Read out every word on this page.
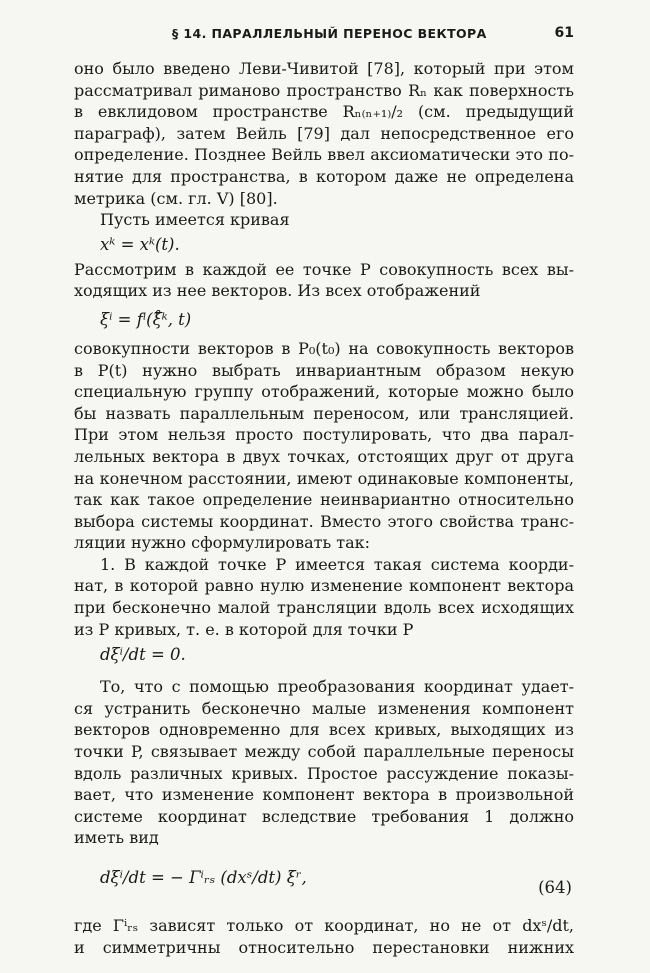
§ 14. ПАРАЛЛЕЛЬНЫЙ ПЕРЕНОС ВЕКТОРА	61
оно было введено Леви-Чивитой [78], который при этом
рассматривал риманово пространство Rₙ как поверхность
в евклидовом пространстве Rₙ₍ₙ₊₁₎/₂ (см. предыдущий
параграф), затем Вейль [79] дал непосредственное его
определение. Позднее Вейль ввел аксиоматически это по-
нятие для пространства, в котором даже не определена
метрика (см. гл. V) [80].
Пусть имеется кривая
xᵏ = xᵏ(t).
Рассмотрим в каждой ее точке P совокупность всех вы-
ходящих из нее векторов. Из всех отображений
ξⁱ = fⁱ(ξ̊ᵏ, t)
совокупности векторов в P₀(t₀) на совокупность векторов
в P(t) нужно выбрать инвариантным образом некую
специальную группу отображений, которые можно было
бы назвать параллельным переносом, или трансляцией.
При этом нельзя просто постулировать, что два парал-
лельных вектора в двух точках, отстоящих друг от друга
на конечном расстоянии, имеют одинаковые компоненты,
так как такое определение неинвариантно относительно
выбора системы координат. Вместо этого свойства транс-
ляции нужно сформулировать так:
1. В каждой точке P имеется такая система коорди-
нат, в которой равно нулю изменение компонент вектора
при бесконечно малой трансляции вдоль всех исходящих
из P кривых, т. е. в которой для точки P
dξⁱ/dt = 0.
То, что с помощью преобразования координат удает-
ся устранить бесконечно малые изменения компонент
векторов одновременно для всех кривых, выходящих из
точки P, связывает между собой параллельные переносы
вдоль различных кривых. Простое рассуждение показы-
вает, что изменение компонент вектора в произвольной
системе координат вследствие требования 1 должно
иметь вид
dξⁱ/dt = − Γⁱᵣₛ (dxˢ/dt) ξʳ,
(64)
где Γⁱᵣₛ зависят только от координат, но не от dxˢ/dt,
и симметричны относительно перестановки нижних
